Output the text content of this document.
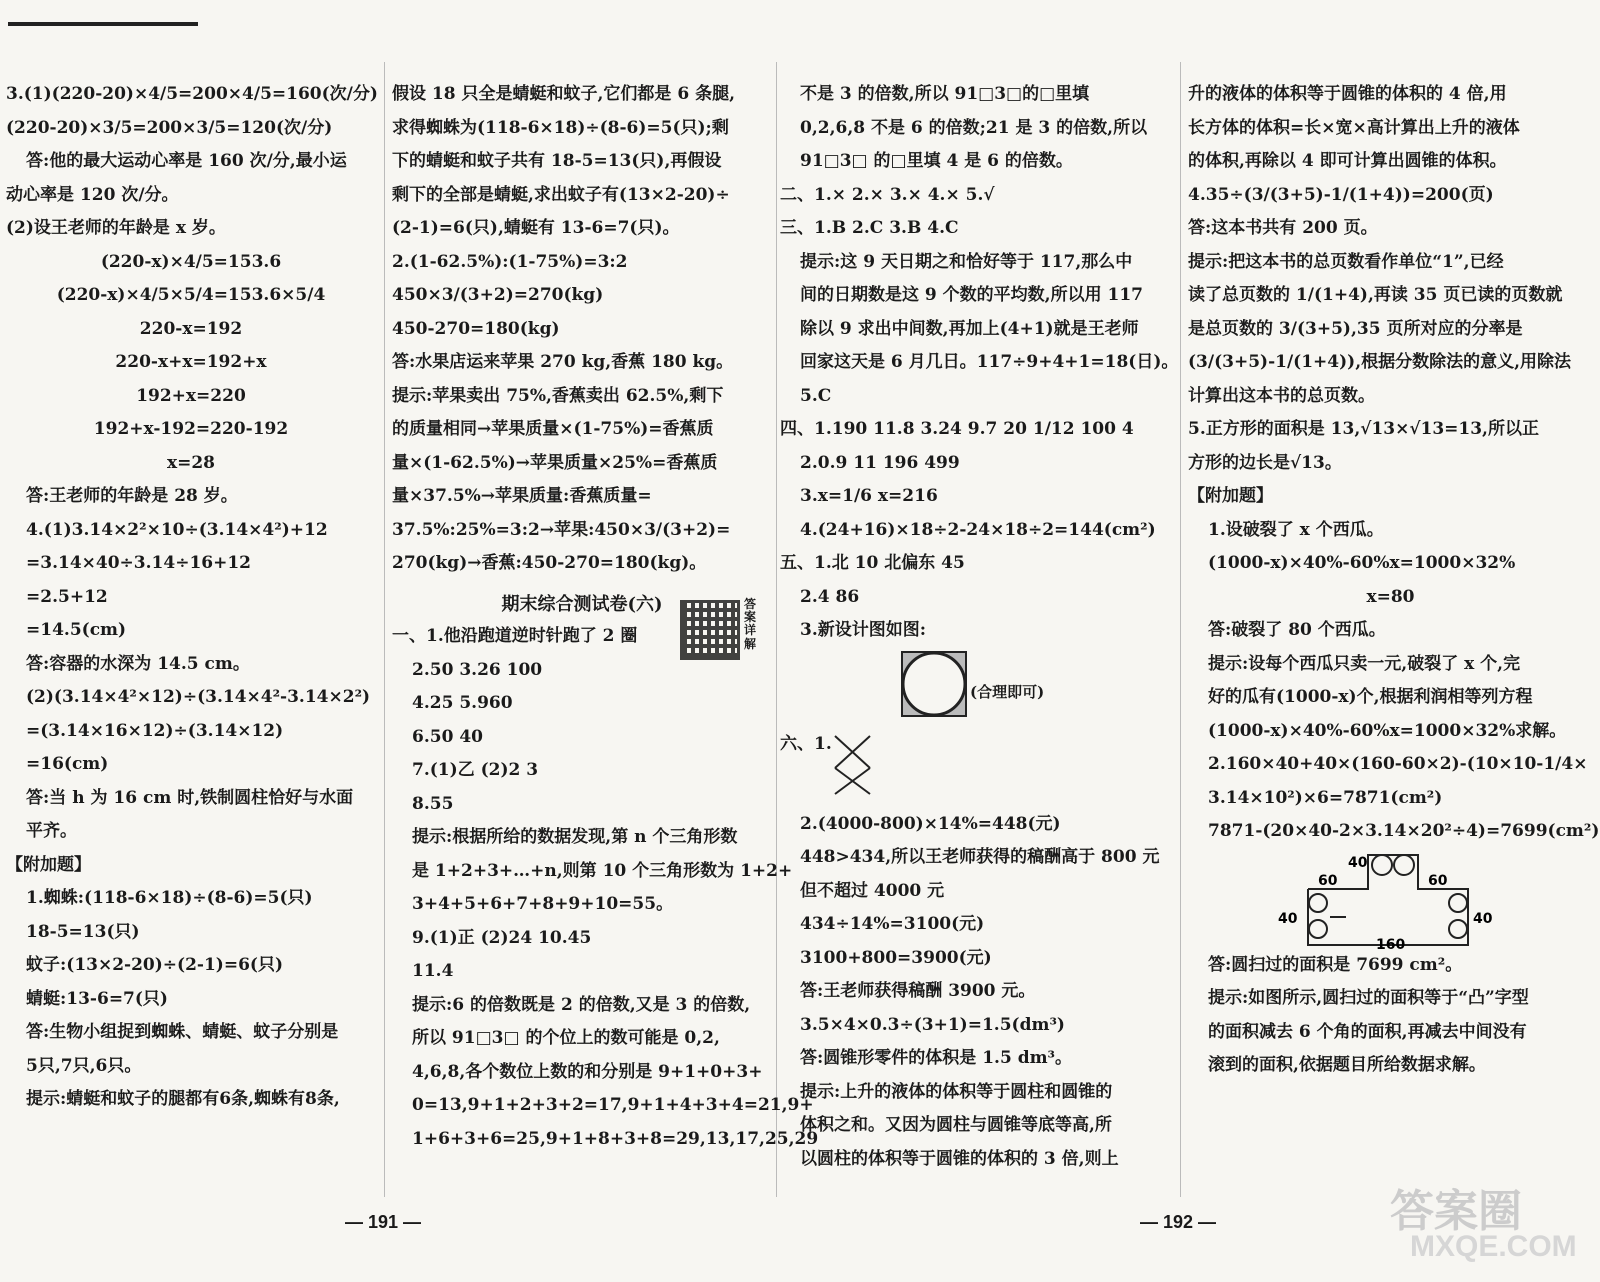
3.(1)(220-20)×4/5=200×4/5=160(次/分)
(220-20)×3/5=200×3/5=120(次/分)
答:他的最大运动心率是 160 次/分,最小运
动心率是 120 次/分。
(2)设王老师的年龄是 x 岁。
(220-x)×4/5=153.6
(220-x)×4/5×5/4=153.6×5/4
220-x=192
220-x+x=192+x
192+x=220
192+x-192=220-192
x=28
答:王老师的年龄是 28 岁。
4.(1)3.14×2²×10÷(3.14×4²)+12
=3.14×40÷3.14÷16+12
=2.5+12
=14.5(cm)
答:容器的水深为 14.5 cm。
(2)(3.14×4²×12)÷(3.14×4²-3.14×2²)
=(3.14×16×12)÷(3.14×12)
=16(cm)
答:当 h 为 16 cm 时,铁制圆柱恰好与水面
平齐。
【附加题】
1.蜘蛛:(118-6×18)÷(8-6)=5(只)
18-5=13(只)
蚊子:(13×2-20)÷(2-1)=6(只)
蜻蜓:13-6=7(只)
答:生物小组捉到蜘蛛、蜻蜓、蚊子分别是
5只,7只,6只。
提示:蜻蜓和蚊子的腿都有6条,蜘蛛有8条,
假设 18 只全是蜻蜓和蚊子,它们都是 6 条腿,
求得蜘蛛为(118-6×18)÷(8-6)=5(只);剩
下的蜻蜓和蚊子共有 18-5=13(只),再假设
剩下的全部是蜻蜓,求出蚊子有(13×2-20)÷
(2-1)=6(只),蜻蜓有 13-6=7(只)。
2.(1-62.5%):(1-75%)=3:2
450×3/(3+2)=270(kg)
450-270=180(kg)
答:水果店运来苹果 270 kg,香蕉 180 kg。
提示:苹果卖出 75%,香蕉卖出 62.5%,剩下
的质量相同→苹果质量×(1-75%)=香蕉质
量×(1-62.5%)→苹果质量×25%=香蕉质
量×37.5%→苹果质量:香蕉质量=
37.5%:25%=3:2→苹果:450×3/(3+2)=
270(kg)→香蕉:450-270=180(kg)。
期末综合测试卷(六)
一、1.他沿跑道逆时针跑了 2 圈
2.50 3.26 100
4.25 5.960
6.50 40
7.(1)乙 (2)2 3
8.55
提示:根据所给的数据发现,第 n 个三角形数
是 1+2+3+…+n,则第 10 个三角形数为 1+2+
3+4+5+6+7+8+9+10=55。
9.(1)正 (2)24 10.45
11.4
提示:6 的倍数既是 2 的倍数,又是 3 的倍数,
所以 91□3□ 的个位上的数可能是 0,2,
4,6,8,各个数位上数的和分别是 9+1+0+3+
0=13,9+1+2+3+2=17,9+1+4+3+4=21,9+
1+6+3+6=25,9+1+8+3+8=29,13,17,25,29
答案详解
不是 3 的倍数,所以 91□3□的□里填
0,2,6,8 不是 6 的倍数;21 是 3 的倍数,所以
91□3□ 的□里填 4 是 6 的倍数。
二、1.× 2.× 3.× 4.× 5.√
三、1.B 2.C 3.B 4.C
提示:这 9 天日期之和恰好等于 117,那么中
间的日期数是这 9 个数的平均数,所以用 117
除以 9 求出中间数,再加上(4+1)就是王老师
回家这天是 6 月几日。117÷9+4+1=18(日)。
5.C
四、1.190 11.8 3.24 9.7 20 1/12 100 4
2.0.9 11 196 499
3.x=1/6 x=216
4.(24+16)×18÷2-24×18÷2=144(cm²)
五、1.北 10 北偏东 45
2.4 86
3.新设计图如图:
(合理即可)
六、1.
2.(4000-800)×14%=448(元)
448>434,所以王老师获得的稿酬高于 800 元
但不超过 4000 元
434÷14%=3100(元)
3100+800=3900(元)
答:王老师获得稿酬 3900 元。
3.5×4×0.3÷(3+1)=1.5(dm³)
答:圆锥形零件的体积是 1.5 dm³。
提示:上升的液体的体积等于圆柱和圆锥的
体积之和。又因为圆柱与圆锥等底等高,所
以圆柱的体积等于圆锥的体积的 3 倍,则上
升的液体的体积等于圆锥的体积的 4 倍,用
长方体的体积=长×宽×高计算出上升的液体
的体积,再除以 4 即可计算出圆锥的体积。
4.35÷(3/(3+5)-1/(1+4))=200(页)
答:这本书共有 200 页。
提示:把这本书的总页数看作单位“1”,已经
读了总页数的 1/(1+4),再读 35 页已读的页数就
是总页数的 3/(3+5),35 页所对应的分率是
(3/(3+5)-1/(1+4)),根据分数除法的意义,用除法
计算出这本书的总页数。
5.正方形的面积是 13,√13×√13=13,所以正
方形的边长是√13。
【附加题】
1.设破裂了 x 个西瓜。
(1000-x)×40%-60%x=1000×32%
x=80
答:破裂了 80 个西瓜。
提示:设每个西瓜只卖一元,破裂了 x 个,完
好的瓜有(1000-x)个,根据利润相等列方程
(1000-x)×40%-60%x=1000×32%求解。
2.160×40+40×(160-60×2)-(10×10-1/4×
3.14×10²)×6=7871(cm²)
7871-(20×40-2×3.14×20²÷4)=7699(cm²)
40
60	60
40	40
160
答:圆扫过的面积是 7699 cm²。
提示:如图所示,圆扫过的面积等于“凸”字型
的面积减去 6 个角的面积,再减去中间没有
滚到的面积,依据题目所给数据求解。
— 191 —	— 192 —	答案圈
MXQE.COM
